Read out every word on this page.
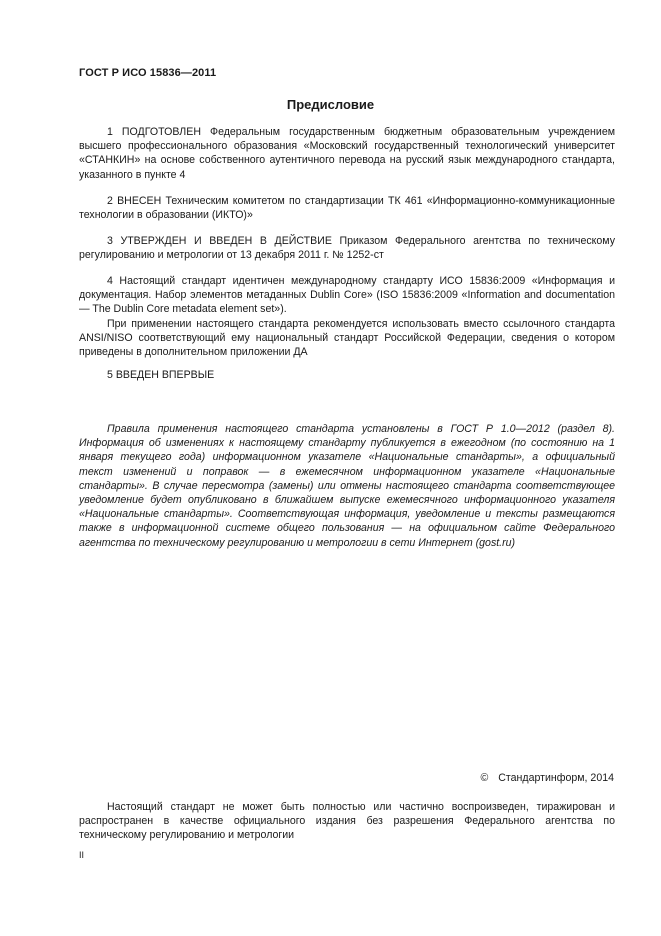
ГОСТ Р ИСО 15836—2011
Предисловие

1 ПОДГОТОВЛЕН Федеральным государственным бюджетным образовательным учреждением высшего профессионального образования «Московский государственный технологический университет «СТАНКИН» на основе собственного аутентичного перевода на русский язык международного стандарта, указанного в пункте 4

2 ВНЕСЕН Техническим комитетом по стандартизации ТК 461 «Информационно-коммуникационные технологии в образовании (ИКТО)»

3 УТВЕРЖДЕН И ВВЕДЕН В ДЕЙСТВИЕ Приказом Федерального агентства по техническому регулированию и метрологии от 13 декабря 2011 г. № 1252-ст

4 Настоящий стандарт идентичен международному стандарту ИСО 15836:2009 «Информация и документация. Набор элементов метаданных Dublin Core» (ISO 15836:2009 «Information and documentation — The Dublin Core metadata element set»).

При применении настоящего стандарта рекомендуется использовать вместо ссылочного стандарта ANSI/NISO соответствующий ему национальный стандарт Российской Федерации, сведения о котором приведены в дополнительном приложении ДА

5 ВВЕДЕН ВПЕРВЫЕ

Правила применения настоящего стандарта установлены в ГОСТ Р 1.0—2012 (раздел 8). Информация об изменениях к настоящему стандарту публикуется в ежегодном (по состоянию на 1 января текущего года) информационном указателе «Национальные стандарты», а официальный текст изменений и поправок — в ежемесячном информационном указателе «Национальные стандарты». В случае пересмотра (замены) или отмены настоящего стандарта соответствующее уведомление будет опубликовано в ближайшем выпуске ежемесячного информационного указателя «Национальные стандарты». Соответствующая информация, уведомление и тексты размещаются также в информационной системе общего пользования — на официальном сайте Федерального агентства по техническому регулированию и метрологии в сети Интернет (gost.ru)

© Стандартинформ, 2014

Настоящий стандарт не может быть полностью или частично воспроизведен, тиражирован и распространен в качестве официального издания без разрешения Федерального агентства по техническому регулированию и метрологии

II
